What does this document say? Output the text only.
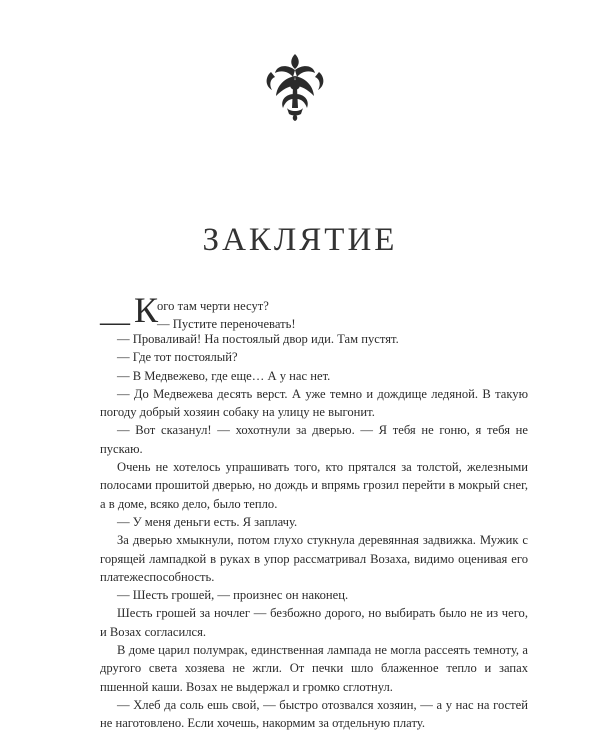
ЗАКЛЯТИЕ
— К
ого там черти несут?
— Пустите переночевать!

— Проваливай! На постоялый двор иди. Там пустят.

— Где тот постоялый?

— В Медвежево, где еще… А у нас нет.

— До Медвежева десять верст. А уже темно и дождище ледяной. В такую погоду добрый хозяин собаку на улицу не выгонит.

— Вот сказанул! — хохотнули за дверью. — Я тебя не гоню, я тебя не пускаю.

Очень не хотелось упрашивать того, кто прятался за толстой, железными полосами прошитой дверью, но дождь и впрямь грозил перейти в мокрый снег, а в доме, всяко дело, было тепло.

— У меня деньги есть. Я заплачу.

За дверью хмыкнули, потом глухо стукнула деревянная задвижка. Мужик с горящей лампадкой в руках в упор рассматривал Возаха, видимо оценивая его платежеспособность.

— Шесть грошей, — произнес он наконец.

Шесть грошей за ночлег — безбожно дорого, но выбирать было не из чего, и Возах согласился.

В доме царил полумрак, единственная лампада не могла рассеять темноту, а другого света хозяева не жгли. От печки шло блаженное тепло и запах пшенной каши. Возах не выдержал и громко сглотнул.

— Хлеб да соль ешь свой, — быстро отозвался хозяин, — а у нас на гостей не наготовлено. Если хочешь, накормим за отдельную плату.
